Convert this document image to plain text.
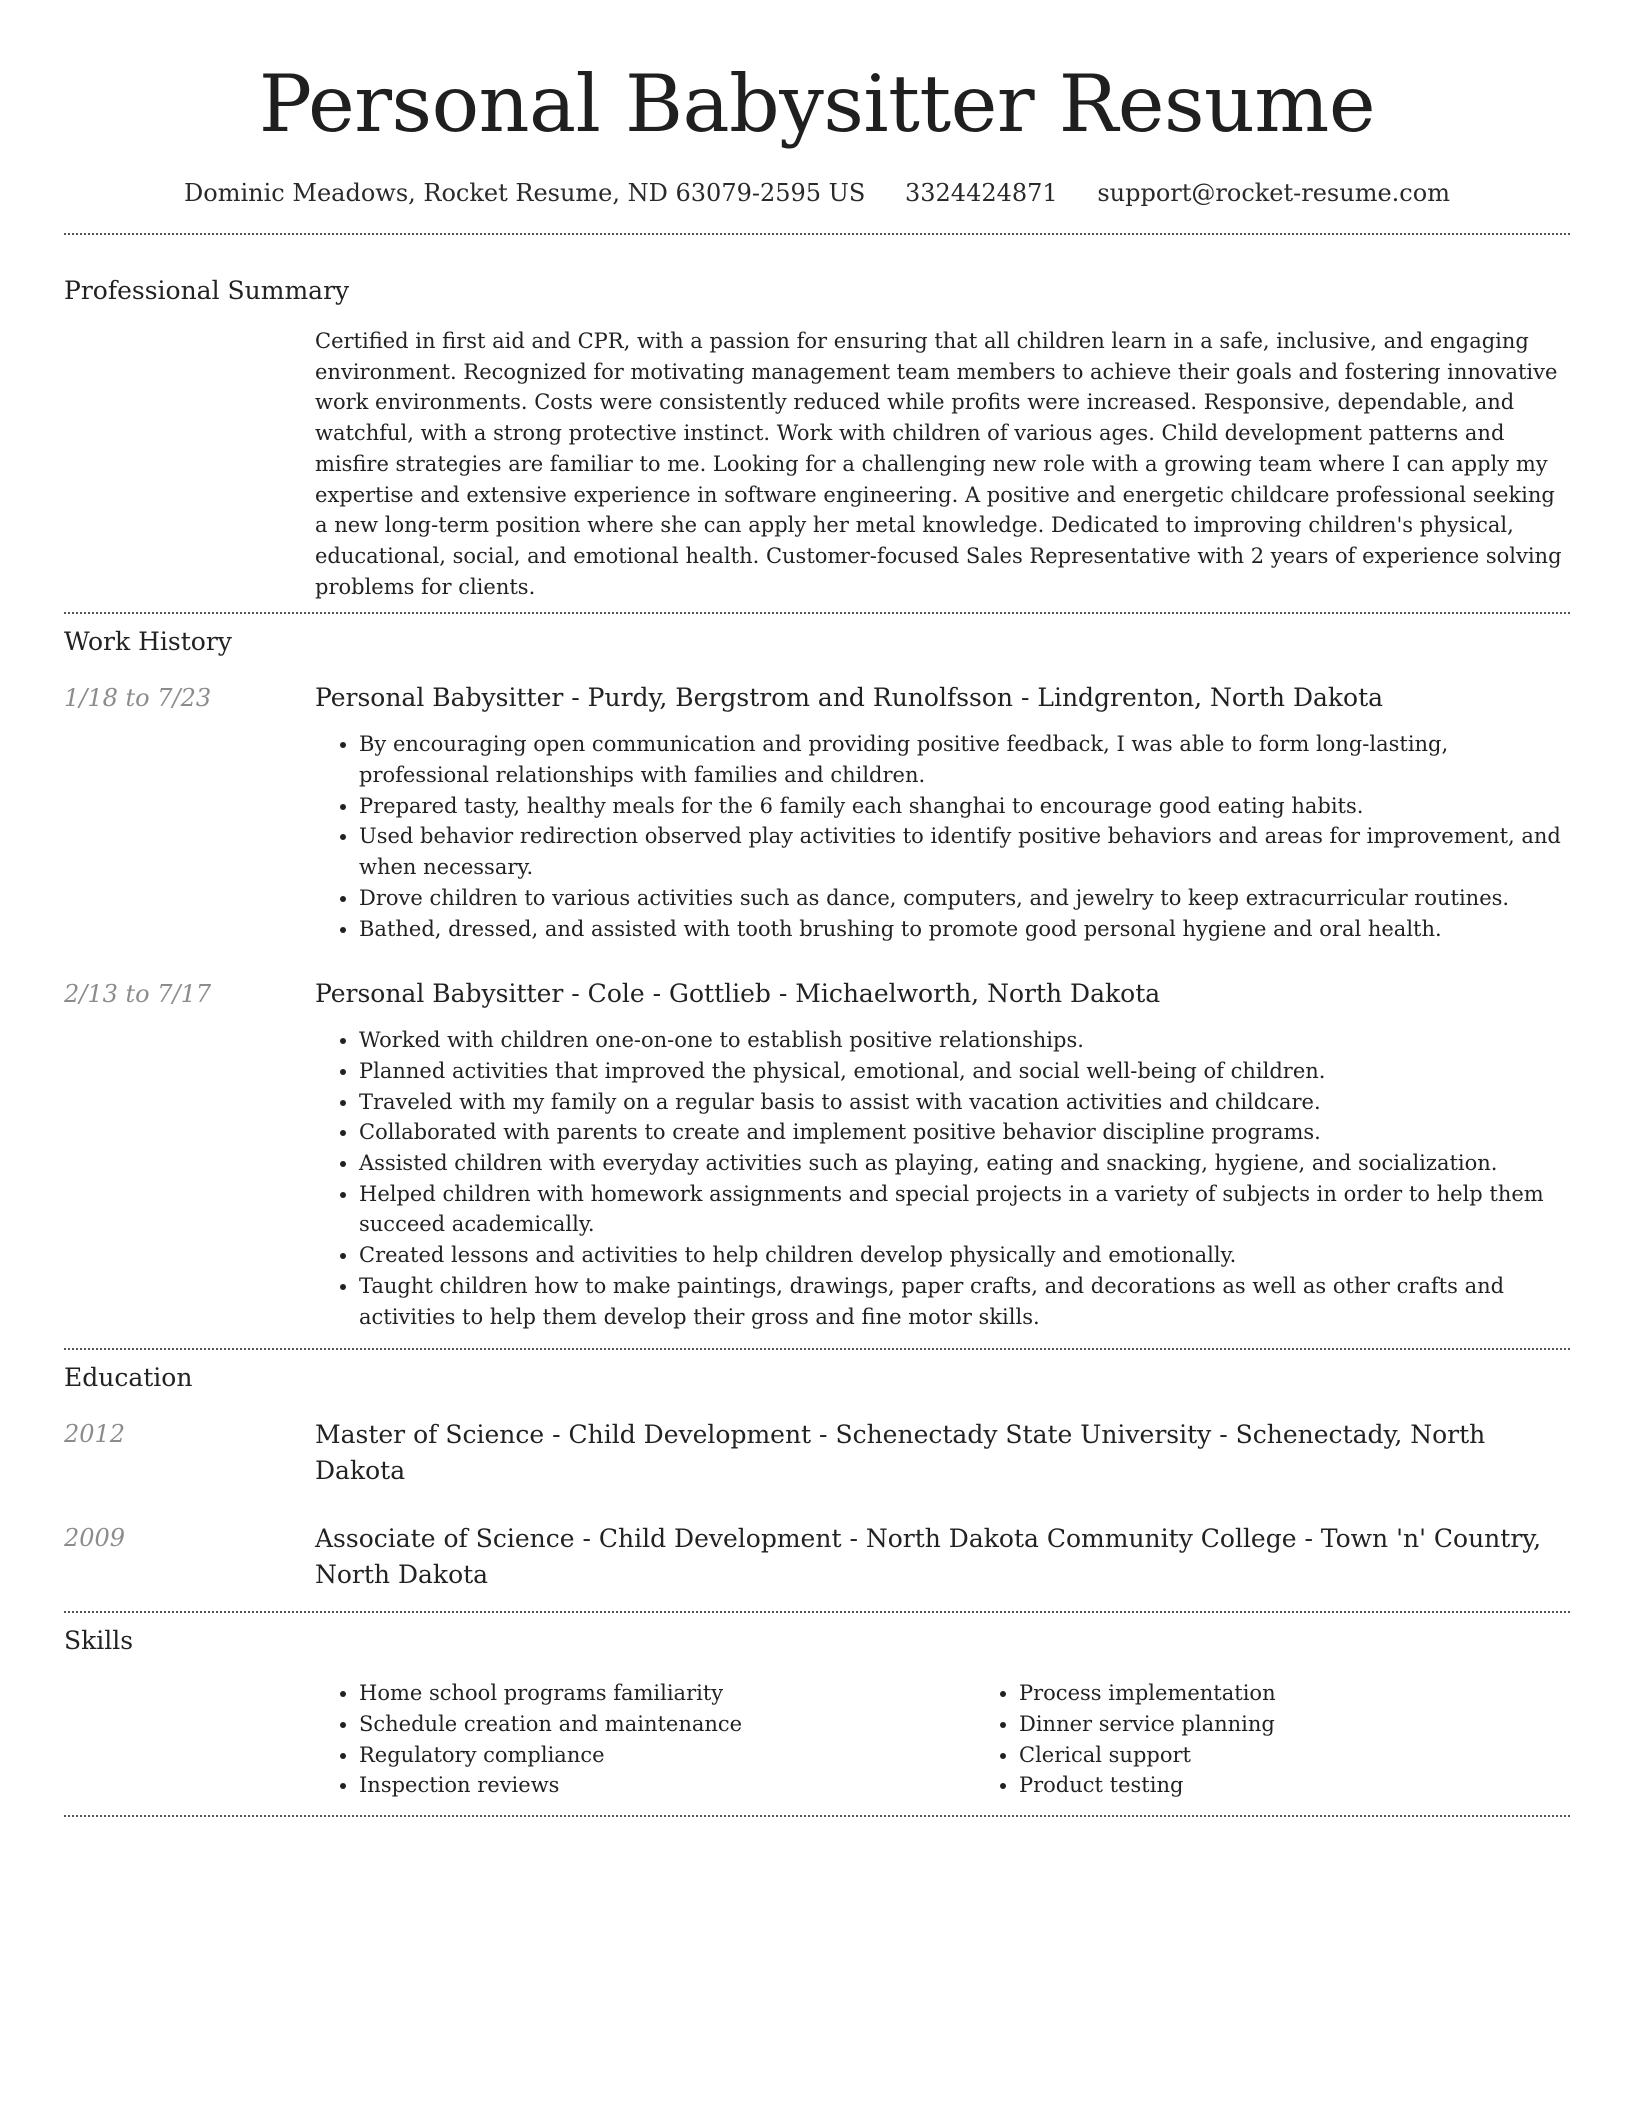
Personal Babysitter Resume
Dominic Meadows, Rocket Resume, ND 63079-2595 US 3324424871 support@rocket-resume.com
Professional Summary
Certified in first aid and CPR, with a passion for ensuring that all children learn in a safe, inclusive, and engaging environment. Recognized for motivating management team members to achieve their goals and fostering innovative work environments. Costs were consistently reduced while profits were increased. Responsive, dependable, and watchful, with a strong protective instinct. Work with children of various ages. Child development patterns and misfire strategies are familiar to me. Looking for a challenging new role with a growing team where I can apply my expertise and extensive experience in software engineering. A positive and energetic childcare professional seeking a new long-term position where she can apply her metal knowledge. Dedicated to improving children's physical, educational, social, and emotional health. Customer-focused Sales Representative with 2 years of experience solving problems for clients.
Work History
1/18 to 7/23	Personal Babysitter - Purdy, Bergstrom and Runolfsson - Lindgrenton, North Dakota
• By encouraging open communication and providing positive feedback, I was able to form long-lasting, professional relationships with families and children.
• Prepared tasty, healthy meals for the 6 family each shanghai to encourage good eating habits.
• Used behavior redirection observed play activities to identify positive behaviors and areas for improvement, and when necessary.
• Drove children to various activities such as dance, computers, and jewelry to keep extracurricular routines.
• Bathed, dressed, and assisted with tooth brushing to promote good personal hygiene and oral health.
2/13 to 7/17	Personal Babysitter - Cole - Gottlieb - Michaelworth, North Dakota
• Worked with children one-on-one to establish positive relationships.
• Planned activities that improved the physical, emotional, and social well-being of children.
• Traveled with my family on a regular basis to assist with vacation activities and childcare.
• Collaborated with parents to create and implement positive behavior discipline programs.
• Assisted children with everyday activities such as playing, eating and snacking, hygiene, and socialization.
• Helped children with homework assignments and special projects in a variety of subjects in order to help them succeed academically.
• Created lessons and activities to help children develop physically and emotionally.
• Taught children how to make paintings, drawings, paper crafts, and decorations as well as other crafts and activities to help them develop their gross and fine motor skills.
Education
2012	Master of Science - Child Development - Schenectady State University - Schenectady, North Dakota
2009	Associate of Science - Child Development - North Dakota Community College - Town 'n' Country, North Dakota
Skills
• Home school programs familiarity
• Schedule creation and maintenance
• Regulatory compliance
• Inspection reviews
• Process implementation
• Dinner service planning
• Clerical support
• Product testing
